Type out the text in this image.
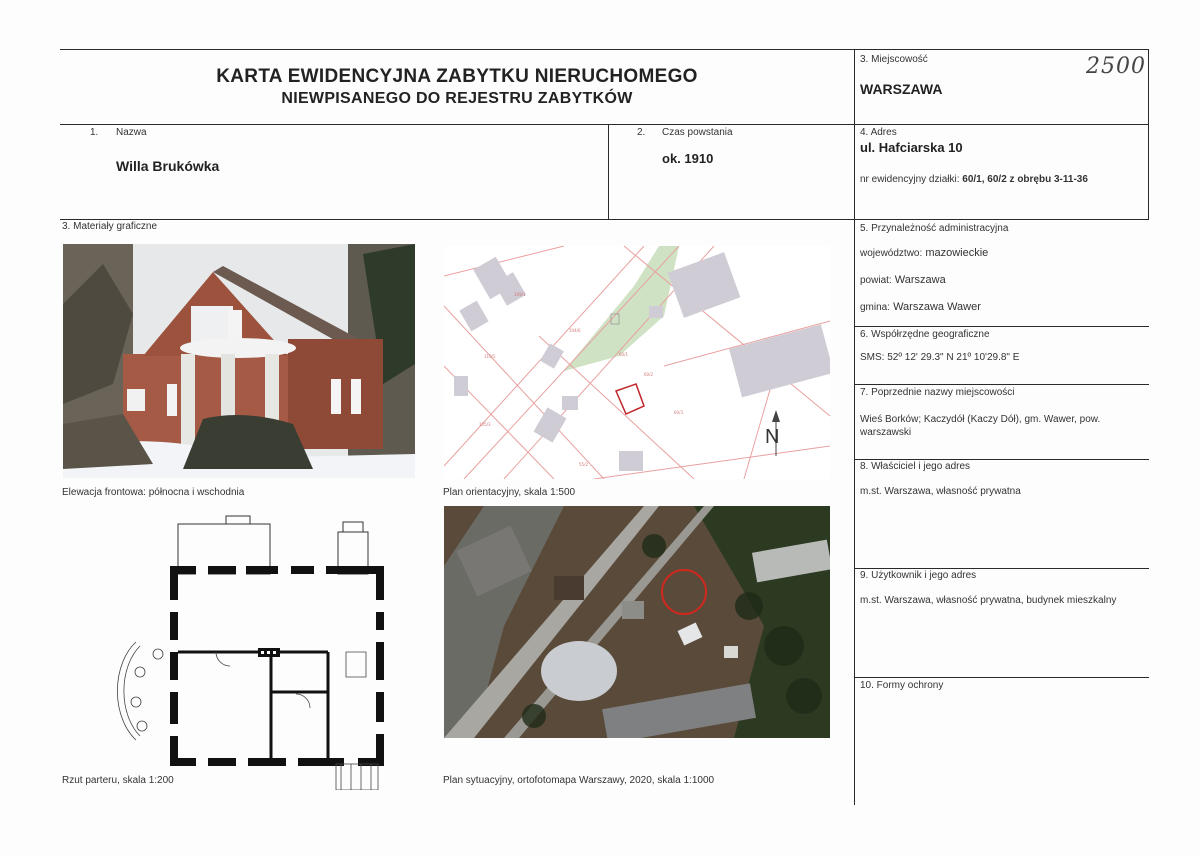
2500
KARTA EWIDENCYJNA ZABYTKU NIERUCHOMEGO
NIEWPISANEGO DO REJESTRU ZABYTKÓW
3. Miejscowość
WARSZAWA
1. Nazwa
Willa Brukówka
2. Czas powstania
ok. 1910
4. Adres
ul. Hafciarska 10
nr ewidencyjny działki: 60/1, 60/2 z obrębu 3-11-36
3. Materiały graficzne
Elewacja frontowa: północna i wschodnia
109/1
104/6
60/1
60/2
60/3
110/5
105/3
55/2
N
Plan orientacyjny, skala 1:500
Rzut parteru, skala 1:200	Plan sytuacyjny, ortofotomapa Warszawy, 2020, skala 1:1000
5. Przynależność administracyjna
województwo: mazowieckie
powiat: Warszawa
gmina: Warszawa Wawer
6. Współrzędne geograficzne
SMS: 52º 12' 29.3" N 21º 10'29.8" E
7. Poprzednie nazwy miejscowości
Wieś Borków; Kaczydół (Kaczy Dół), gm. Wawer, pow. warszawski
8. Właściciel i jego adres
m.st. Warszawa, własność prywatna
9. Użytkownik i jego adres
m.st. Warszawa, własność prywatna, budynek mieszkalny
10. Formy ochrony
